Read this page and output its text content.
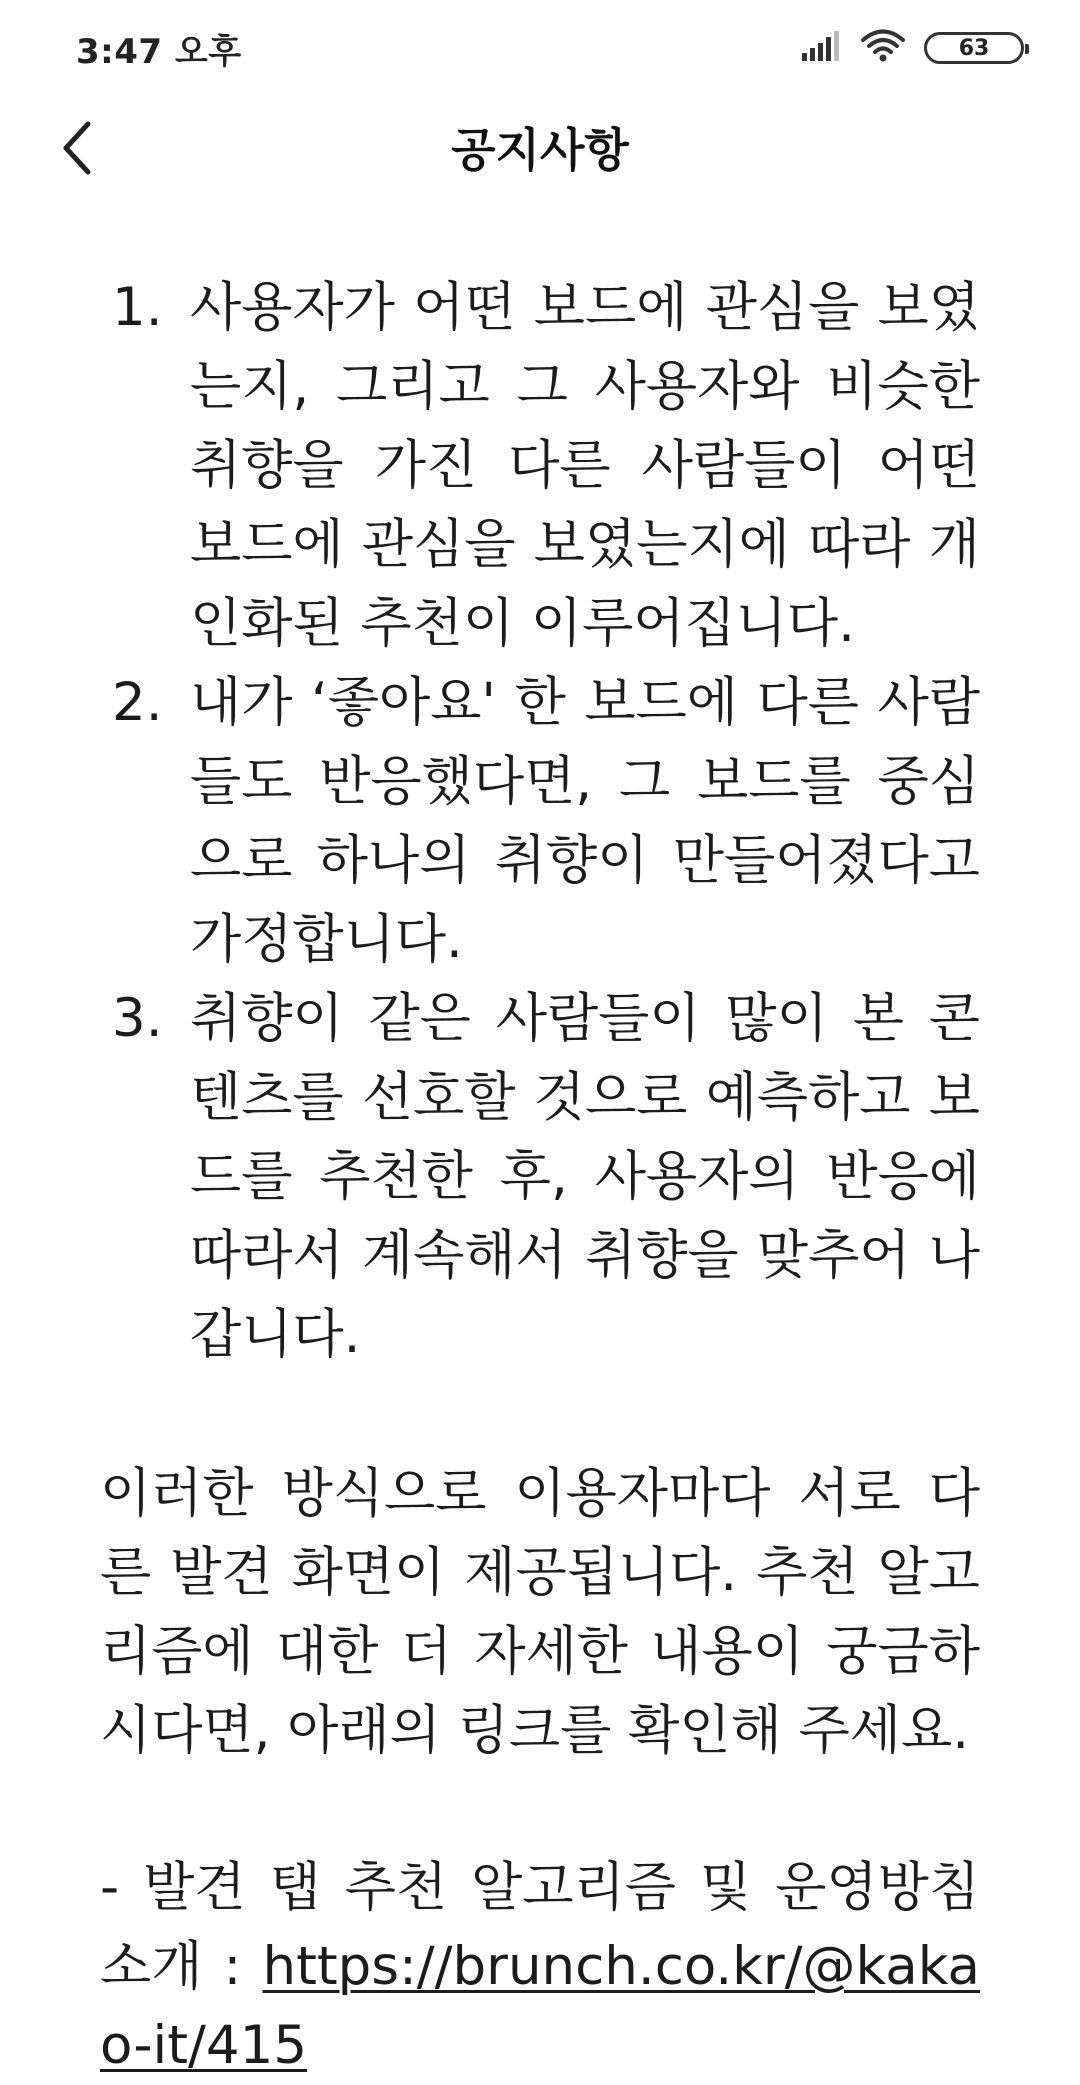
3:47 오후	63
공지사항
1. 사용자가 어떤 보드에 관심을 보였는지, 그리고 그 사용자와 비슷한 취향을 가진 다른 사람들이 어떤 보드에 관심을 보였는지에 따라 개인화된 추천이 이루어집니다.
2. 내가 ‘좋아요' 한 보드에 다른 사람들도 반응했다면, 그 보드를 중심으로 하나의 취향이 만들어졌다고 가정합니다.
3. 취향이 같은 사람들이 많이 본 콘텐츠를 선호할 것으로 예측하고 보드를 추천한 후, 사용자의 반응에 따라서 계속해서 취향을 맞추어 나갑니다.

이러한 방식으로 이용자마다 서로 다른 발견 화면이 제공됩니다. 추천 알고리즘에 대한 더 자세한 내용이 궁금하시다면, 아래의 링크를 확인해 주세요.

- 발견 탭 추천 알고리즘 및 운영방침 소개 : https://brunch.co.kr/@kakao-it/415
